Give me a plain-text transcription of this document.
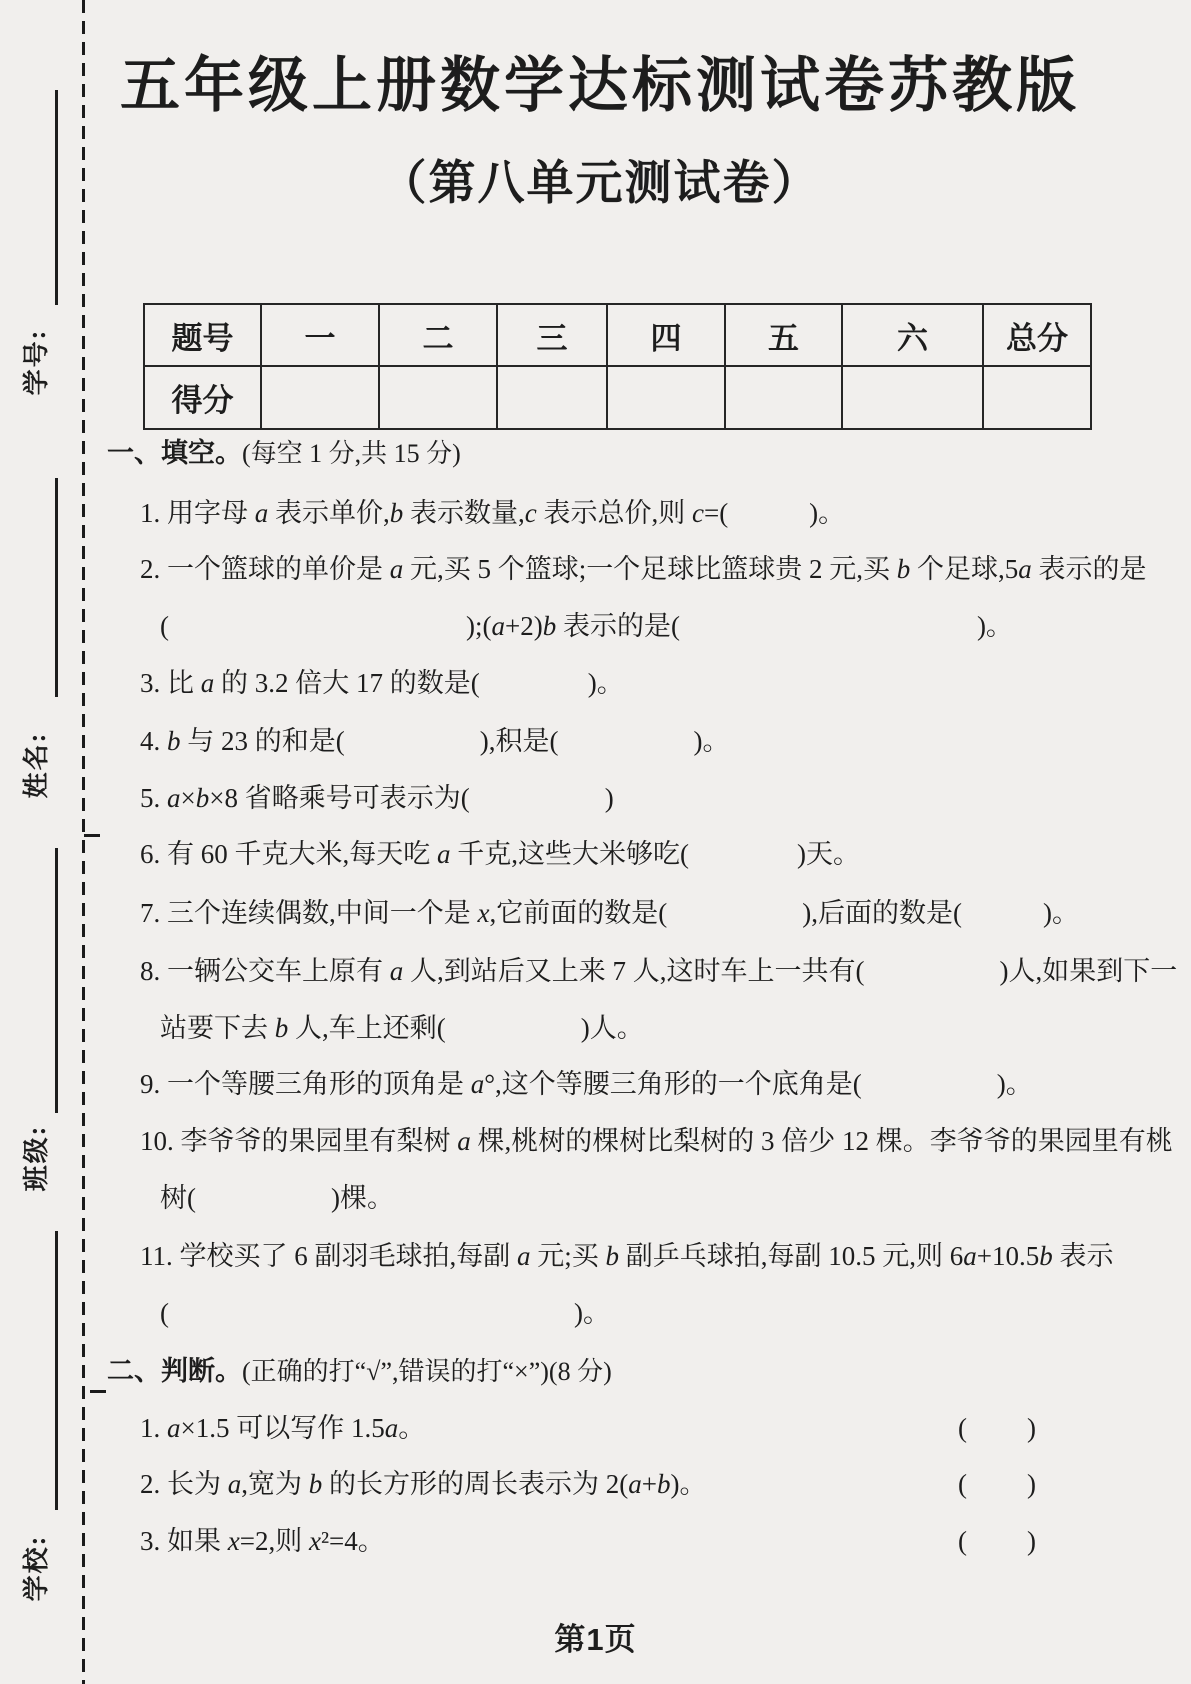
学号:
姓名:
班级:
学校:
五年级上册数学达标测试卷苏教版
（第八单元测试卷）
题号	一	二	三	四	五	六	总分
得分							
一、填空。(每空 1 分,共 15 分)
1. 用字母 a 表示单价,b 表示数量,c 表示总价,则 c=(　　　)。
2. 一个篮球的单价是 a 元,买 5 个篮球;一个足球比篮球贵 2 元,买 b 个足球,5a 表示的是
(　　　　　　　　　　　);(a+2)b 表示的是(　　　　　　　　　　　)。
3. 比 a 的 3.2 倍大 17 的数是(　　　　)。
4. b 与 23 的和是(　　　　　),积是(　　　　　)。
5. a×b×8 省略乘号可表示为(　　　　　)
6. 有 60 千克大米,每天吃 a 千克,这些大米够吃(　　　　)天。
7. 三个连续偶数,中间一个是 x,它前面的数是(　　　　　),后面的数是(　　　)。
8. 一辆公交车上原有 a 人,到站后又上来 7 人,这时车上一共有(　　　　　)人,如果到下一
站要下去 b 人,车上还剩(　　　　　)人。
9. 一个等腰三角形的顶角是 a°,这个等腰三角形的一个底角是(　　　　　)。
10. 李爷爷的果园里有梨树 a 棵,桃树的棵树比梨树的 3 倍少 12 棵。李爷爷的果园里有桃
树(　　　　　)棵。
11. 学校买了 6 副羽毛球拍,每副 a 元;买 b 副乒乓球拍,每副 10.5 元,则 6a+10.5b 表示
(　　　　　　　　　　　　　　　)。
二、判断。(正确的打“√”,错误的打“×”)(8 分)
1. a×1.5 可以写作 1.5a。	(　　)
2. 长为 a,宽为 b 的长方形的周长表示为 2(a+b)。	(　　)
3. 如果 x=2,则 x²=4。	(　　)
第1页
